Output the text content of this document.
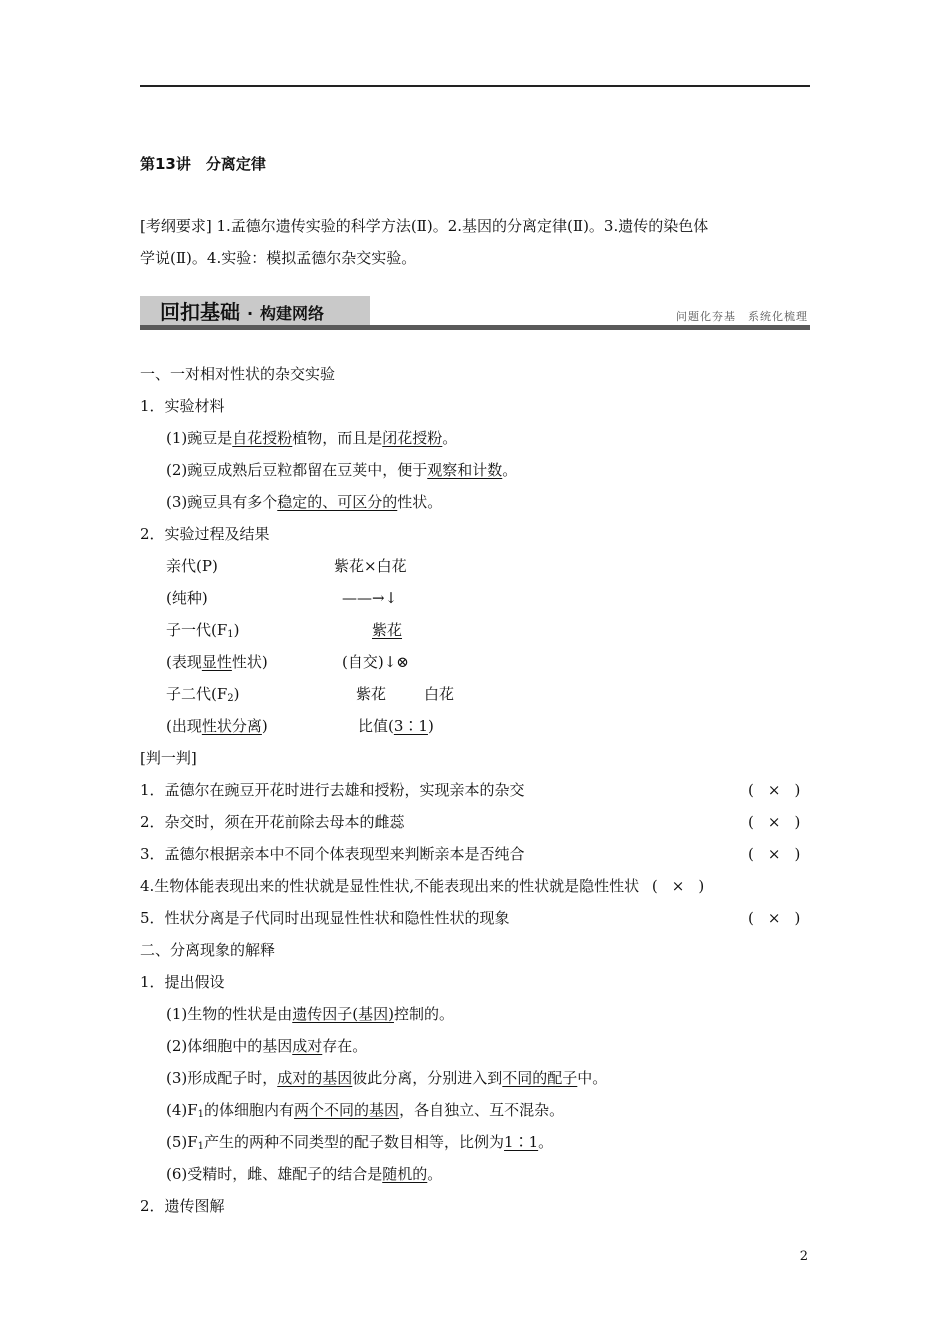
第13讲　分离定律
[考纲要求] 1.孟德尔遗传实验的科学方法(Ⅱ)。2.基因的分离定律(Ⅱ)。3.遗传的染色体
学说(Ⅱ)。4.实验：模拟孟德尔杂交实验。
回扣基础 · 构建网络	问题化夯基　系统化梳理
一、一对相对性状的杂交实验
1．实验材料
(1)豌豆是自花授粉植物，而且是闭花授粉。
(2)豌豆成熟后豆粒都留在豆荚中，便于观察和计数。
(3)豌豆具有多个稳定的、可区分的性状。
2．实验过程及结果
亲代(P)	紫花×白花
(纯种)	——→↓
子一代$(F_1)$	紫花
(表现显性性状)	(自交)↓⊗
子二代$(F_2)$	紫花	白花
(出现性状分离)	比值(3∶1)
[判一判]
1．孟德尔在豌豆开花时进行去雄和授粉，实现亲本的杂交	( × )
2．杂交时，须在开花前除去母本的雌蕊	( × )
3．孟德尔根据亲本中不同个体表现型来判断亲本是否纯合	( × )
4.生物体能表现出来的性状就是显性性状,不能表现出来的性状就是隐性性状 ( × )
5．性状分离是子代同时出现显性性状和隐性性状的现象	( × )
二、分离现象的解释
1．提出假设
(1)生物的性状是由遗传因子(基因)控制的。
(2)体细胞中的基因成对存在。
(3)形成配子时，成对的基因彼此分离，分别进入到不同的配子中。
$(4)F_1$的体细胞内有两个不同的基因，各自独立、互不混杂。
$(5)F_1$产生的两种不同类型的配子数目相等，比例为1∶1。
(6)受精时，雌、雄配子的结合是随机的。
2．遗传图解
2
